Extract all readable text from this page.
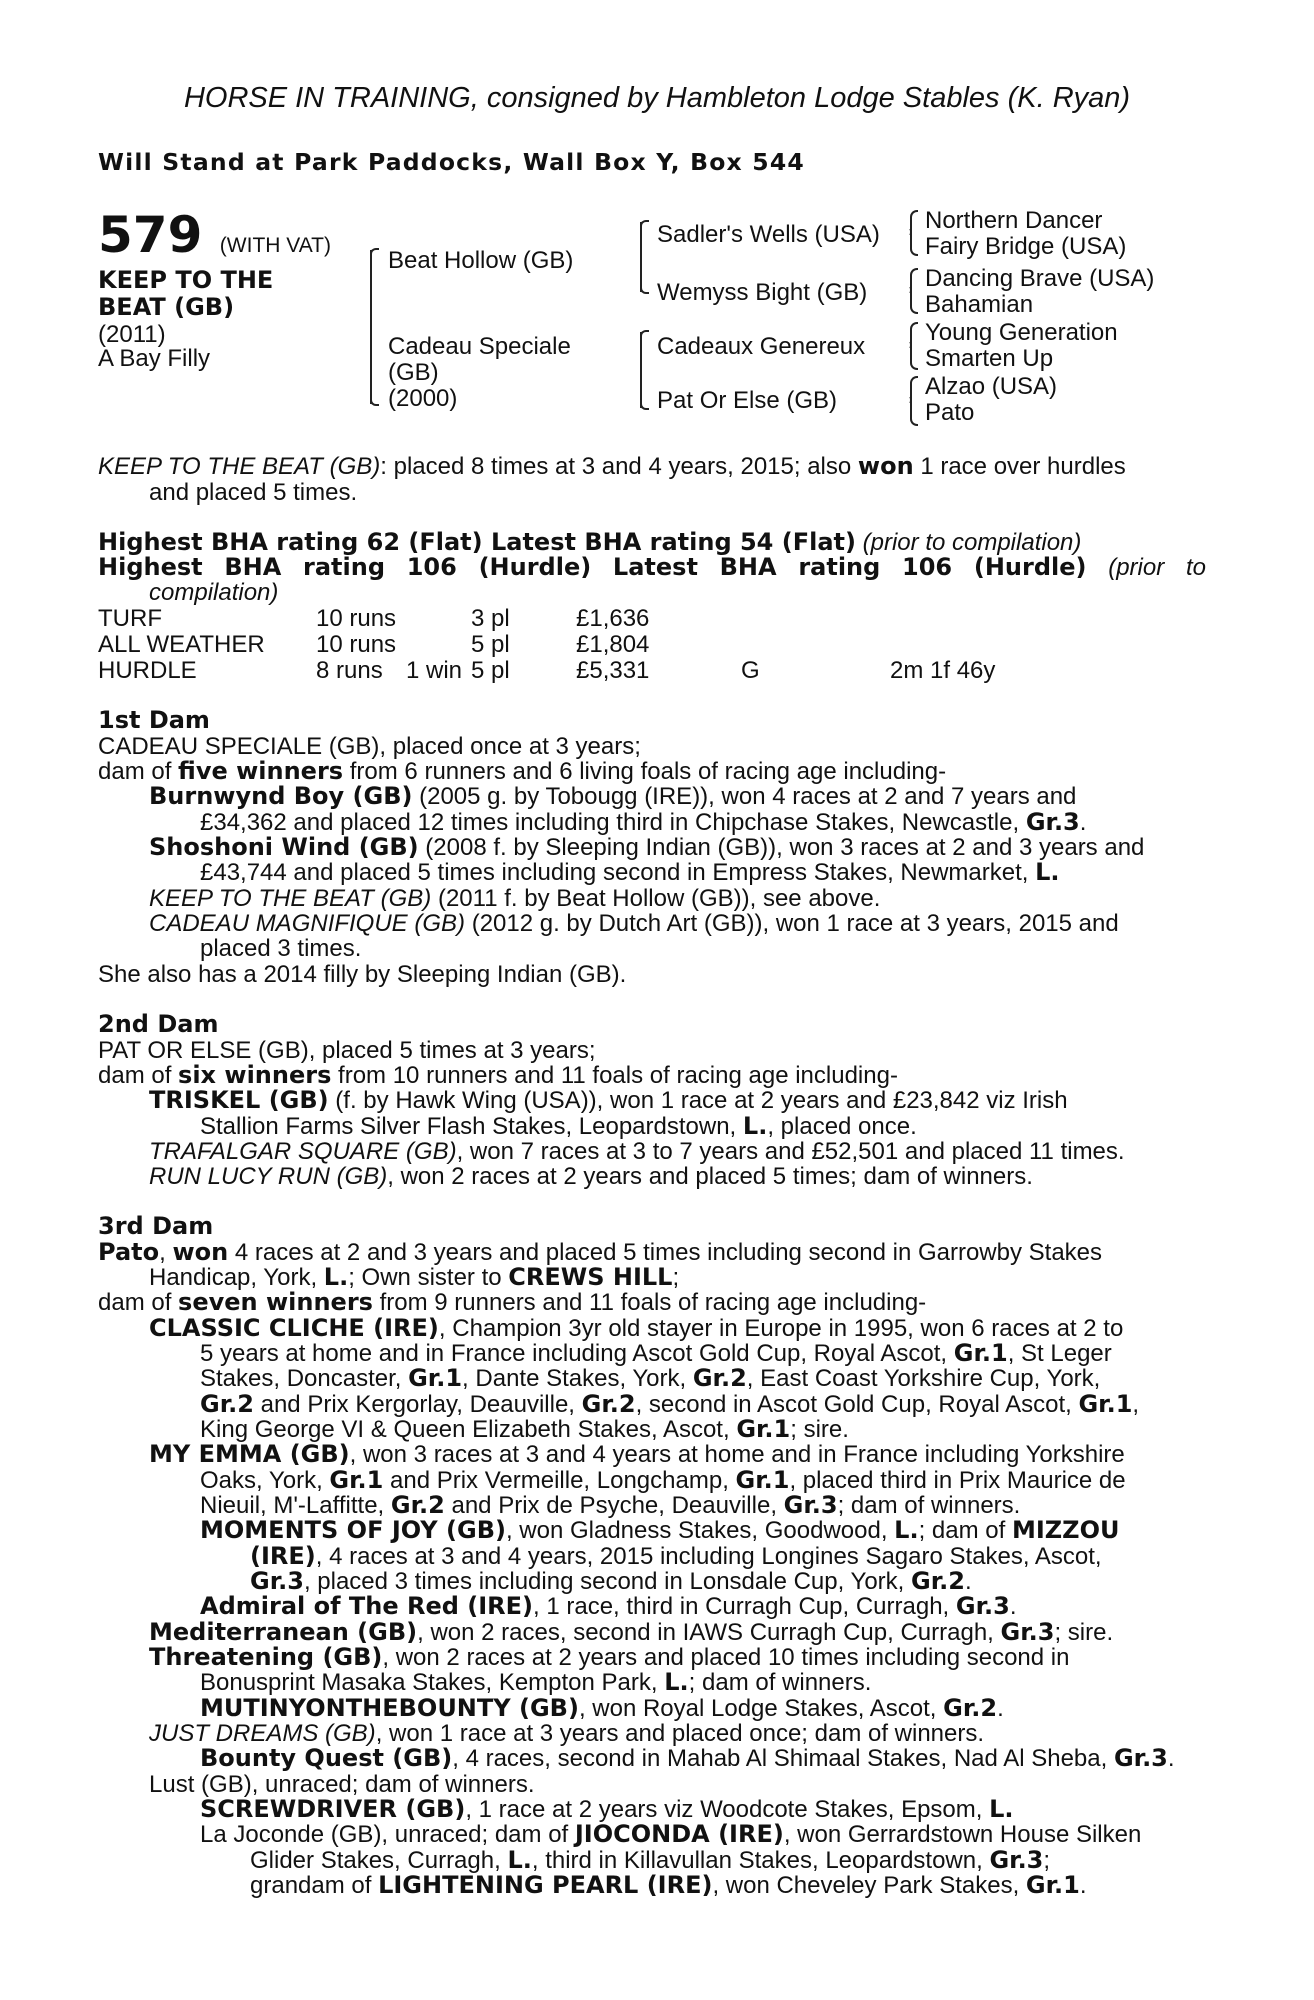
HORSE IN TRAINING, consigned by Hambleton Lodge Stables (K. Ryan)
Will Stand at Park Paddocks, Wall Box Y, Box 544
579 (WITH VAT)
KEEP TO THE
BEAT (GB)
(2011)
A Bay Filly
Beat Hollow (GB)
Cadeau Speciale
(GB)
(2000)
Sadler's Wells (USA)
Wemyss Bight (GB)
Cadeaux Genereux
Pat Or Else (GB)
Northern Dancer
Fairy Bridge (USA)
Dancing Brave (USA)
Bahamian
Young Generation
Smarten Up
Alzao (USA)
Pato
KEEP TO THE BEAT (GB): placed 8 times at 3 and 4 years, 2015; also won 1 race over hurdles
and placed 5 times.
Highest BHA rating 62 (Flat) Latest BHA rating 54 (Flat) (prior to compilation)
Highest BHA rating 106 (Hurdle) Latest BHA rating 106 (Hurdle) (prior to
compilation)
TURF	10 runs	3 pl	£1,636
ALL WEATHER 10 runs	5 pl	£1,804
HURDLE	8 runs 1 win 5 pl	£5,331	G	2m 1f 46y
1st Dam
CADEAU SPECIALE (GB), placed once at 3 years;
dam of five winners from 6 runners and 6 living foals of racing age including-
Burnwynd Boy (GB) (2005 g. by Tobougg (IRE)), won 4 races at 2 and 7 years and
£34,362 and placed 12 times including third in Chipchase Stakes, Newcastle, Gr.3.
Shoshoni Wind (GB) (2008 f. by Sleeping Indian (GB)), won 3 races at 2 and 3 years and
£43,744 and placed 5 times including second in Empress Stakes, Newmarket, L.
KEEP TO THE BEAT (GB) (2011 f. by Beat Hollow (GB)), see above.
CADEAU MAGNIFIQUE (GB) (2012 g. by Dutch Art (GB)), won 1 race at 3 years, 2015 and
placed 3 times.
She also has a 2014 filly by Sleeping Indian (GB).
2nd Dam
PAT OR ELSE (GB), placed 5 times at 3 years;
dam of six winners from 10 runners and 11 foals of racing age including-
TRISKEL (GB) (f. by Hawk Wing (USA)), won 1 race at 2 years and £23,842 viz Irish
Stallion Farms Silver Flash Stakes, Leopardstown, L., placed once.
TRAFALGAR SQUARE (GB), won 7 races at 3 to 7 years and £52,501 and placed 11 times.
RUN LUCY RUN (GB), won 2 races at 2 years and placed 5 times; dam of winners.
3rd Dam
Pato, won 4 races at 2 and 3 years and placed 5 times including second in Garrowby Stakes
Handicap, York, L.; Own sister to CREWS HILL;
dam of seven winners from 9 runners and 11 foals of racing age including-
CLASSIC CLICHE (IRE), Champion 3yr old stayer in Europe in 1995, won 6 races at 2 to
5 years at home and in France including Ascot Gold Cup, Royal Ascot, Gr.1, St Leger
Stakes, Doncaster, Gr.1, Dante Stakes, York, Gr.2, East Coast Yorkshire Cup, York,
Gr.2 and Prix Kergorlay, Deauville, Gr.2, second in Ascot Gold Cup, Royal Ascot, Gr.1,
King George VI & Queen Elizabeth Stakes, Ascot, Gr.1; sire.
MY EMMA (GB), won 3 races at 3 and 4 years at home and in France including Yorkshire
Oaks, York, Gr.1 and Prix Vermeille, Longchamp, Gr.1, placed third in Prix Maurice de
Nieuil, M'-Laffitte, Gr.2 and Prix de Psyche, Deauville, Gr.3; dam of winners.
MOMENTS OF JOY (GB), won Gladness Stakes, Goodwood, L.; dam of MIZZOU
(IRE), 4 races at 3 and 4 years, 2015 including Longines Sagaro Stakes, Ascot,
Gr.3, placed 3 times including second in Lonsdale Cup, York, Gr.2.
Admiral of The Red (IRE), 1 race, third in Curragh Cup, Curragh, Gr.3.
Mediterranean (GB), won 2 races, second in IAWS Curragh Cup, Curragh, Gr.3; sire.
Threatening (GB), won 2 races at 2 years and placed 10 times including second in
Bonusprint Masaka Stakes, Kempton Park, L.; dam of winners.
MUTINYONTHEBOUNTY (GB), won Royal Lodge Stakes, Ascot, Gr.2.
JUST DREAMS (GB), won 1 race at 3 years and placed once; dam of winners.
Bounty Quest (GB), 4 races, second in Mahab Al Shimaal Stakes, Nad Al Sheba, Gr.3.
Lust (GB), unraced; dam of winners.
SCREWDRIVER (GB), 1 race at 2 years viz Woodcote Stakes, Epsom, L.
La Joconde (GB), unraced; dam of JIOCONDA (IRE), won Gerrardstown House Silken
Glider Stakes, Curragh, L., third in Killavullan Stakes, Leopardstown, Gr.3;
grandam of LIGHTENING PEARL (IRE), won Cheveley Park Stakes, Gr.1.
